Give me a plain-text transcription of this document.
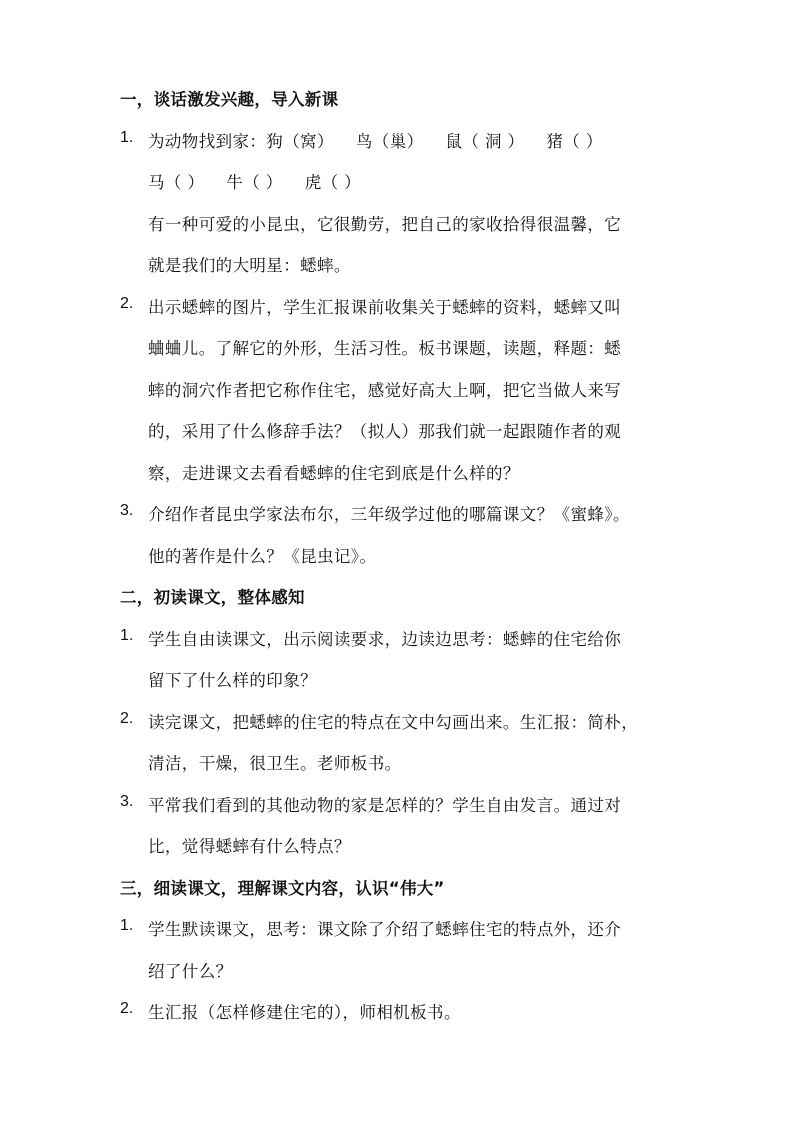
一，谈话激发兴趣，导入新课
1. 为动物找到家：狗（窝） 鸟（巢） 鼠（ 洞 ） 猪（ ）
马（ ） 牛（ ） 虎（ ）
有一种可爱的小昆虫，它很勤劳，把自己的家收拾得很温馨，它
就是我们的大明星：蟋蟀。
2. 出示蟋蟀的图片，学生汇报课前收集关于蟋蟀的资料，蟋蟀又叫
蛐蛐儿。了解它的外形，生活习性。板书课题，读题，释题：蟋
蟀的洞穴作者把它称作住宅，感觉好高大上啊，把它当做人来写
的，采用了什么修辞手法？（拟人）那我们就一起跟随作者的观
察，走进课文去看看蟋蟀的住宅到底是什么样的？
3. 介绍作者昆虫学家法布尔，三年级学过他的哪篇课文？《蜜蜂》。
他的著作是什么？《昆虫记》。
二，初读课文，整体感知
1. 学生自由读课文，出示阅读要求，边读边思考：蟋蟀的住宅给你
留下了什么样的印象？
2. 读完课文，把蟋蟀的住宅的特点在文中勾画出来。生汇报：简朴，
清洁，干燥，很卫生。老师板书。
3. 平常我们看到的其他动物的家是怎样的？学生自由发言。通过对
比，觉得蟋蟀有什么特点？
三，细读课文，理解课文内容，认识“伟大”
1. 学生默读课文，思考：课文除了介绍了蟋蟀住宅的特点外，还介
绍了什么？
2. 生汇报（怎样修建住宅的），师相机板书。
